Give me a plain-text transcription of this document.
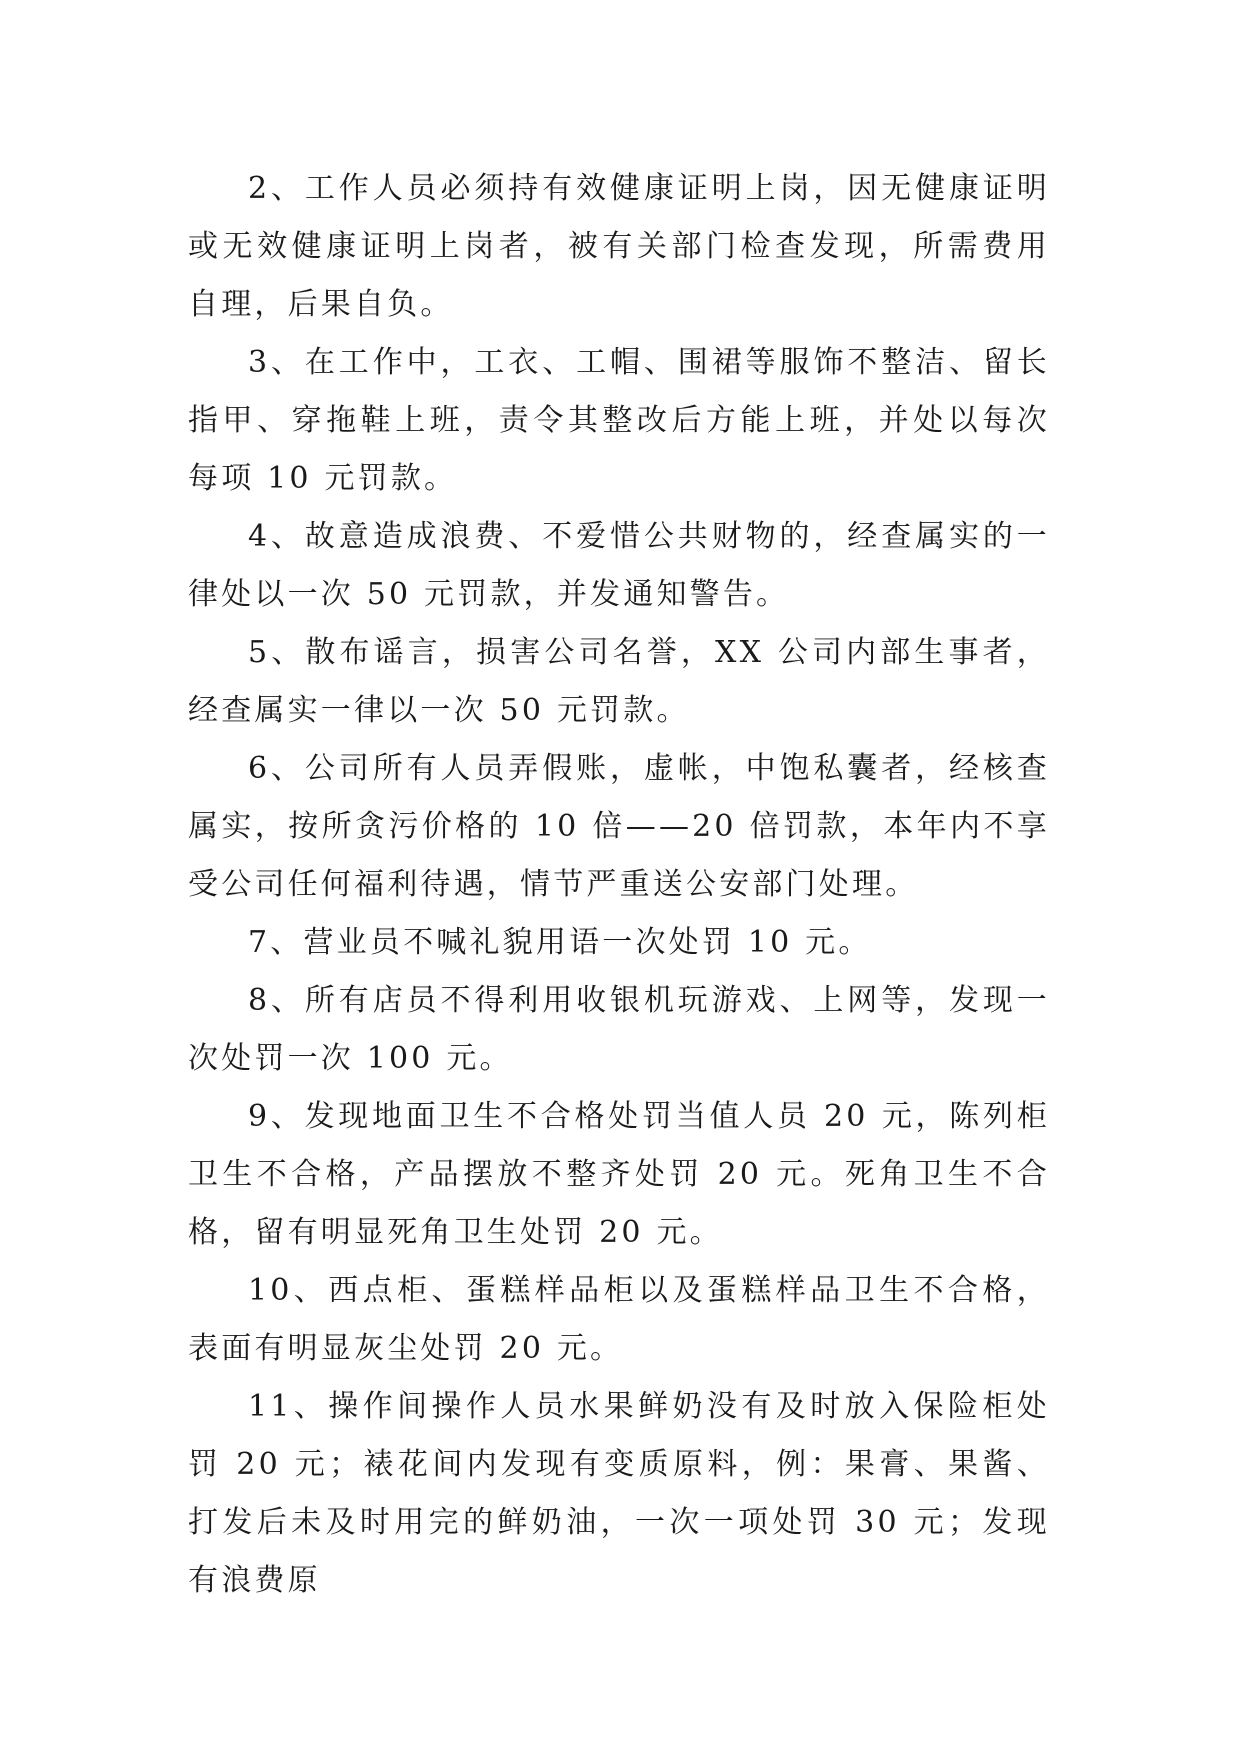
2、工作人员必须持有效健康证明上岗，因无健康证明或无效健康证明上岗者，被有关部门检查发现，所需费用自理，后果自负。

3、在工作中，工衣、工帽、围裙等服饰不整洁、留长指甲、穿拖鞋上班，责令其整改后方能上班，并处以每次每项 10 元罚款。

4、故意造成浪费、不爱惜公共财物的，经查属实的一律处以一次 50 元罚款，并发通知警告。

5、散布谣言，损害公司名誉，XX 公司内部生事者，经查属实一律以一次 50 元罚款。

6、公司所有人员弄假账，虚帐，中饱私囊者，经核查属实，按所贪污价格的 10 倍——20 倍罚款，本年内不享受公司任何福利待遇，情节严重送公安部门处理。

7、营业员不喊礼貌用语一次处罚 10 元。

8、所有店员不得利用收银机玩游戏、上网等，发现一次处罚一次 100 元。

9、发现地面卫生不合格处罚当值人员 20 元，陈列柜卫生不合格，产品摆放不整齐处罚 20 元。死角卫生不合格，留有明显死角卫生处罚 20 元。

10、西点柜、蛋糕样品柜以及蛋糕样品卫生不合格，表面有明显灰尘处罚 20 元。

11、操作间操作人员水果鲜奶没有及时放入保险柜处罚 20 元；裱花间内发现有变质原料，例：果膏、果酱、打发后未及时用完的鲜奶油，一次一项处罚 30 元；发现有浪费原
